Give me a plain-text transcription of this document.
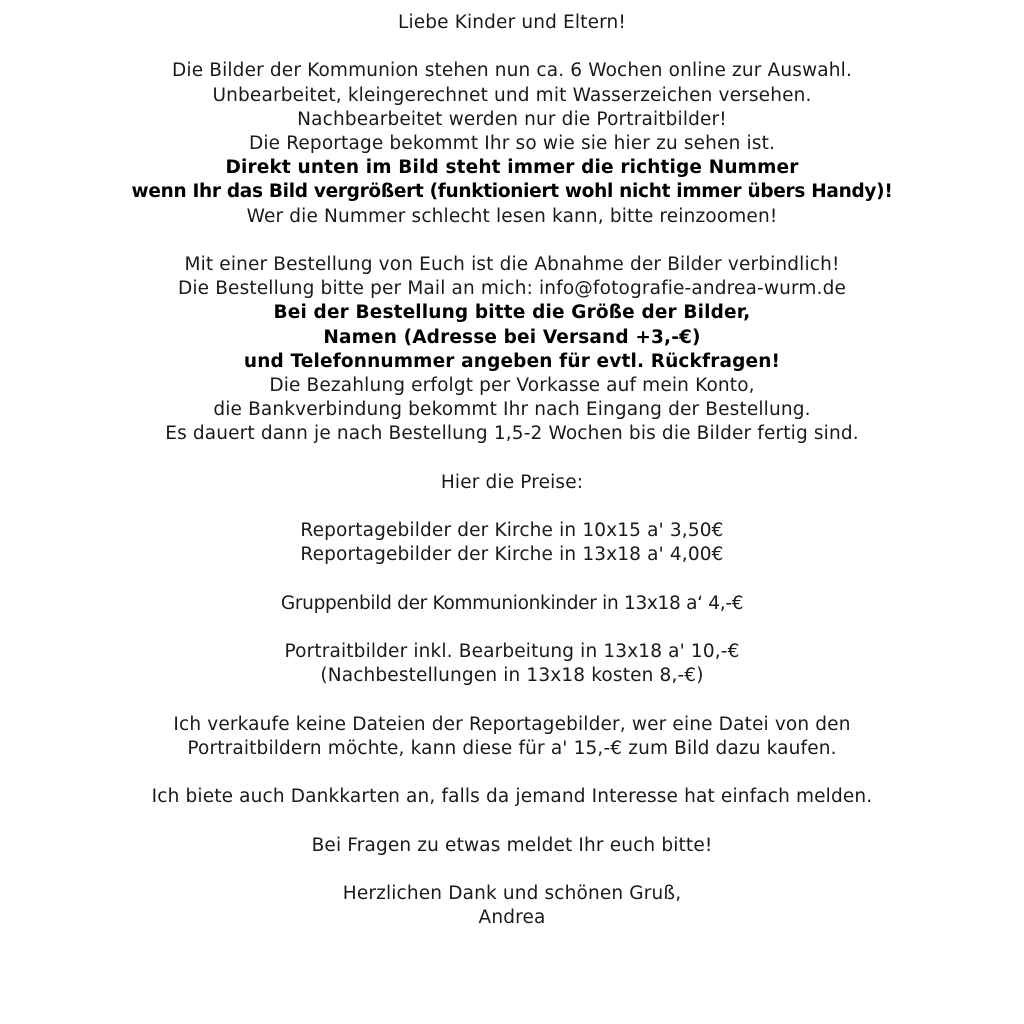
Liebe Kinder und Eltern!
Die Bilder der Kommunion stehen nun ca. 6 Wochen online zur Auswahl.
Unbearbeitet, kleingerechnet und mit Wasserzeichen versehen.
Nachbearbeitet werden nur die Portraitbilder!
Die Reportage bekommt Ihr so wie sie hier zu sehen ist.
Direkt unten im Bild steht immer die richtige Nummer
wenn Ihr das Bild vergrößert (funktioniert wohl nicht immer übers Handy)!
Wer die Nummer schlecht lesen kann, bitte reinzoomen!
Mit einer Bestellung von Euch ist die Abnahme der Bilder verbindlich!
Die Bestellung bitte per Mail an mich: info@fotografie-andrea-wurm.de
Bei der Bestellung bitte die Größe der Bilder,
Namen (Adresse bei Versand +3,-€)
und Telefonnummer angeben für evtl. Rückfragen!
Die Bezahlung erfolgt per Vorkasse auf mein Konto,
die Bankverbindung bekommt Ihr nach Eingang der Bestellung.
Es dauert dann je nach Bestellung 1,5-2 Wochen bis die Bilder fertig sind.
Hier die Preise:
Reportagebilder der Kirche in 10x15 a' 3,50€
Reportagebilder der Kirche in 13x18 a' 4,00€
Gruppenbild der Kommunionkinder in 13x18 a‘ 4,-€
Portraitbilder inkl. Bearbeitung in 13x18 a' 10,-€
(Nachbestellungen in 13x18 kosten 8,-€)
Ich verkaufe keine Dateien der Reportagebilder, wer eine Datei von den
Portraitbildern möchte, kann diese für a' 15,-€ zum Bild dazu kaufen.
Ich biete auch Dankkarten an, falls da jemand Interesse hat einfach melden.
Bei Fragen zu etwas meldet Ihr euch bitte!
Herzlichen Dank und schönen Gruß,
Andrea
